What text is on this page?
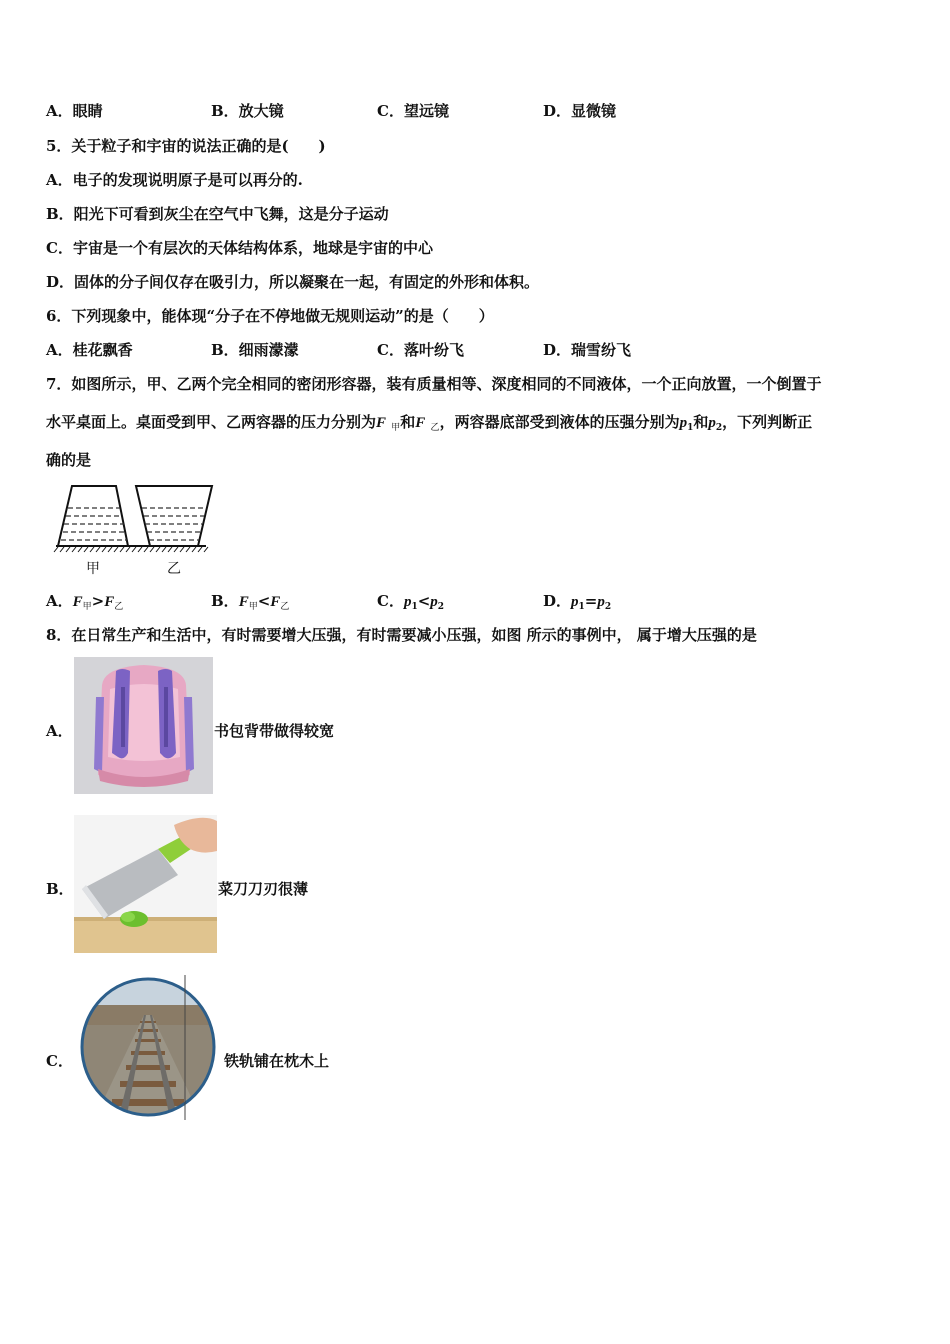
A．眼睛	B．放大镜	C．望远镜	D．显微镜
5．关于粒子和宇宙的说法正确的是(　　)
A．电子的发现说明原子是可以再分的.
B．阳光下可看到灰尘在空气中飞舞，这是分子运动
C．宇宙是一个有层次的天体结构体系，地球是宇宙的中心
D．固体的分子间仅存在吸引力，所以凝聚在一起，有固定的外形和体积。
6．下列现象中，能体现“分子在不停地做无规则运动”的是（　　）
A．桂花飘香	B．细雨濛濛	C．落叶纷飞	D．瑞雪纷飞
7．如图所示，甲、乙两个完全相同的密闭形容器，装有质量相等、深度相同的不同液体，一个正向放置，一个倒置于
水平桌面上。桌面受到甲、乙两容器的压力分别为F $_甲$和F $_乙$，两容器底部受到液体的压强分别为$p_1$和$p_2$，下列判断正
确的是
甲	乙
A．$F_甲>F_乙$	B．$F_甲<F_乙$	C．$p_1<p_2$	D．$p_1=p_2$
8．在日常生产和生活中，有时需要增大压强，有时需要减小压强，如图 所示的事例中， 属于增大压强的是
A．	书包背带做得较宽
B．	菜刀刀刃很薄
C．	铁轨铺在枕木上
